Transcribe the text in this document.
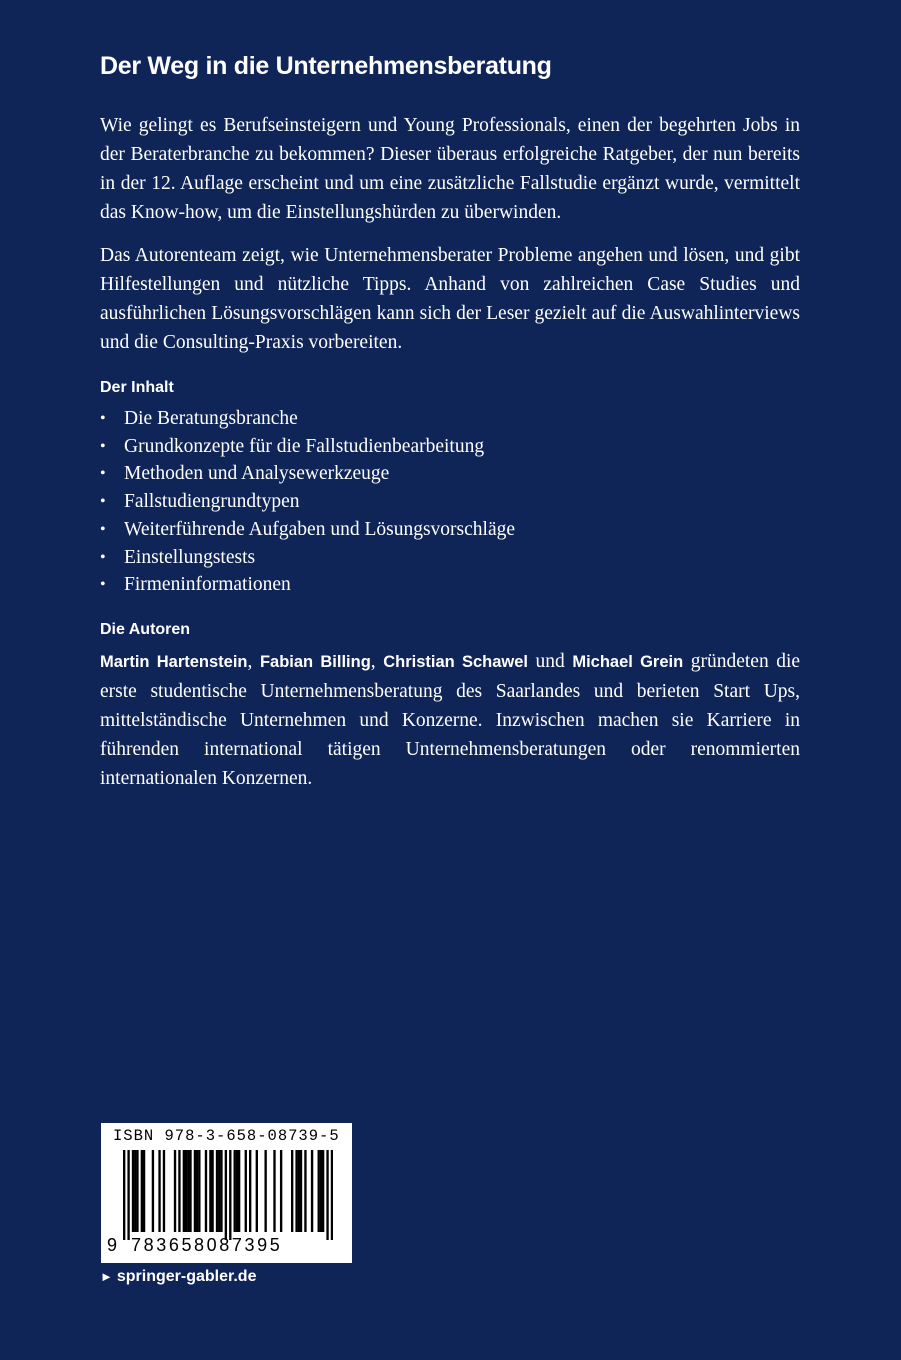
Der Weg in die Unternehmensberatung

Wie gelingt es Berufseinsteigern und Young Professionals, einen der begehrten Jobs in der Beraterbranche zu bekommen? Dieser überaus erfolgreiche Ratgeber, der nun bereits in der 12. Auflage erscheint und um eine zusätzliche Fallstudie ergänzt wurde, vermittelt das Know-how, um die Einstellungshürden zu überwinden.

Das Autorenteam zeigt, wie Unternehmensberater Probleme angehen und lösen, und gibt Hilfestellungen und nützliche Tipps. Anhand von zahlreichen Case Studies und ausführlichen Lösungsvorschlägen kann sich der Leser gezielt auf die Auswahlinterviews und die Consulting-Praxis vorbereiten.

Der Inhalt
• Die Beratungsbranche
• Grundkonzepte für die Fallstudienbearbeitung
• Methoden und Analysewerkzeuge
• Fallstudiengrundtypen
• Weiterführende Aufgaben und Lösungsvorschläge
• Einstellungstests
• Firmeninformationen
Die Autoren

Martin Hartenstein, Fabian Billing, Christian Schawel und Michael Grein gründeten die erste studentische Unternehmensberatung des Saarlandes und berieten Start Ups, mittelständische Unternehmen und Konzerne. Inzwischen machen sie Karriere in führenden international tätigen Unternehmensberatungen oder renommierten internationalen Konzernen.

ISBN 978-3-658-08739-5
9 783658087395
► springer-gabler.de
